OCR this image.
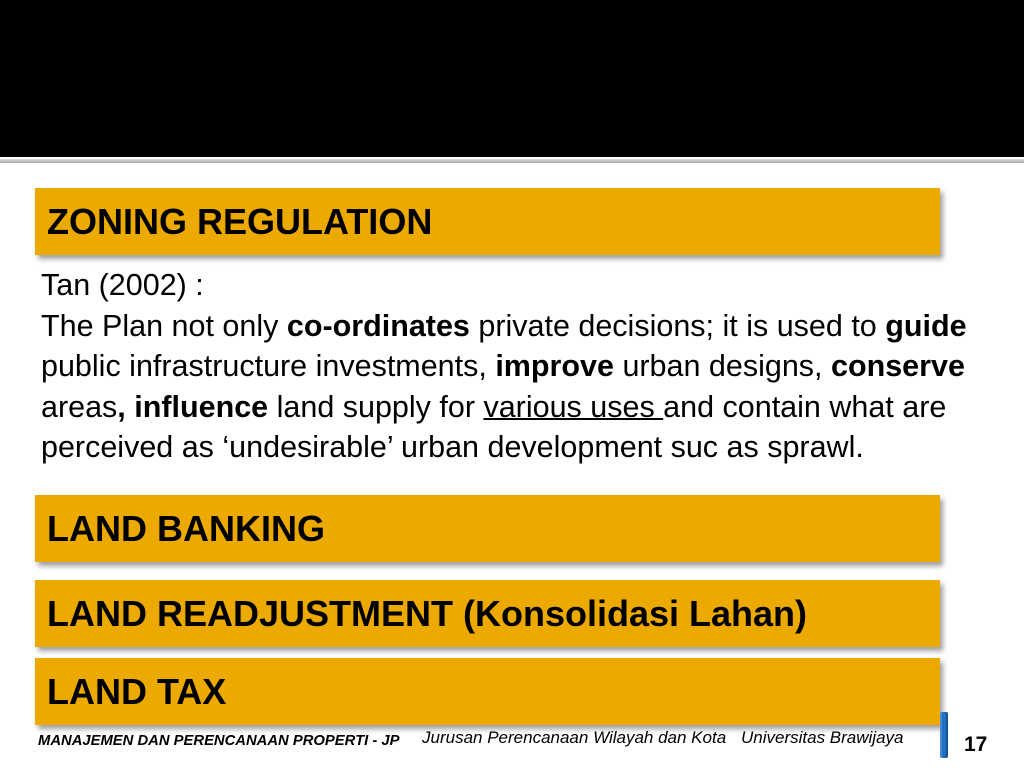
ZONING REGULATION
Tan (2002) :
The Plan not only co-ordinates private decisions; it is used to guide
public infrastructure investments, improve urban designs, conserve
areas, influence land supply for various uses and contain what are
perceived as ‘undesirable’ urban development suc as sprawl.
LAND BANKING
LAND READJUSTMENT (Konsolidasi Lahan)
LAND TAX
MANAJEMEN DAN PERENCANAAN PROPERTI - JP Jurusan Perencanaan Wilayah dan Kota Universitas Brawijaya	17
